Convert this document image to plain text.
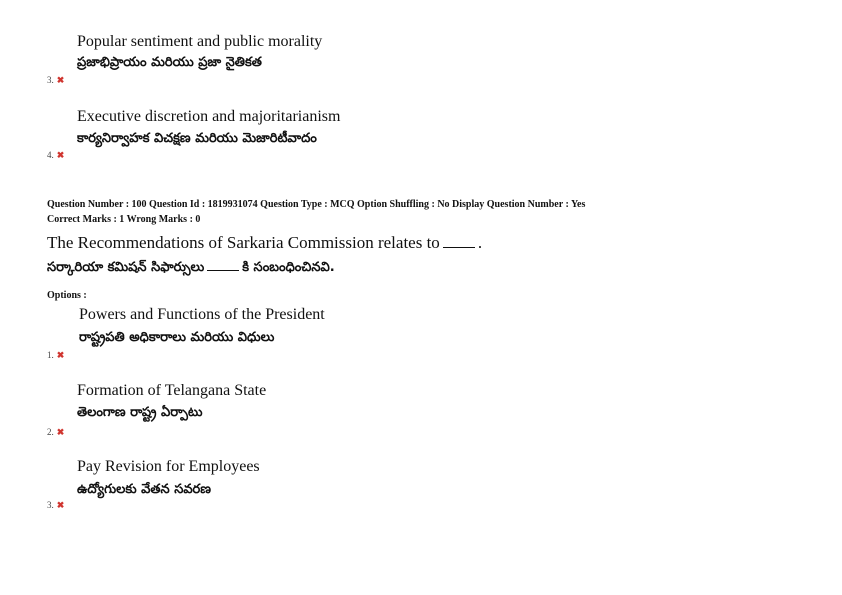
Popular sentiment and public morality
ప్రజాభిప్రాయం మరియు ప్రజా నైతికత
3. ✖
Executive discretion and majoritarianism
కార్యనిర్వాహక విచక్షణ మరియు మెజారిటీవాదం
4. ✖
Question Number : 100 Question Id : 1819931074 Question Type : MCQ Option Shuffling : No Display Question Number : Yes
Correct Marks : 1 Wrong Marks : 0
The Recommendations of Sarkaria Commission relates to .
సర్కారియా కమిషన్ సిఫార్సులు	కి సంబంధించినవి.
Options :
Powers and Functions of the President
రాష్ట్రపతి అధికారాలు మరియు విధులు
1. ✖
Formation of Telangana State
తెలంగాణ రాష్ట్ర ఏర్పాటు
2. ✖
Pay Revision for Employees
ఉద్యోగులకు వేతన సవరణ
3. ✖
